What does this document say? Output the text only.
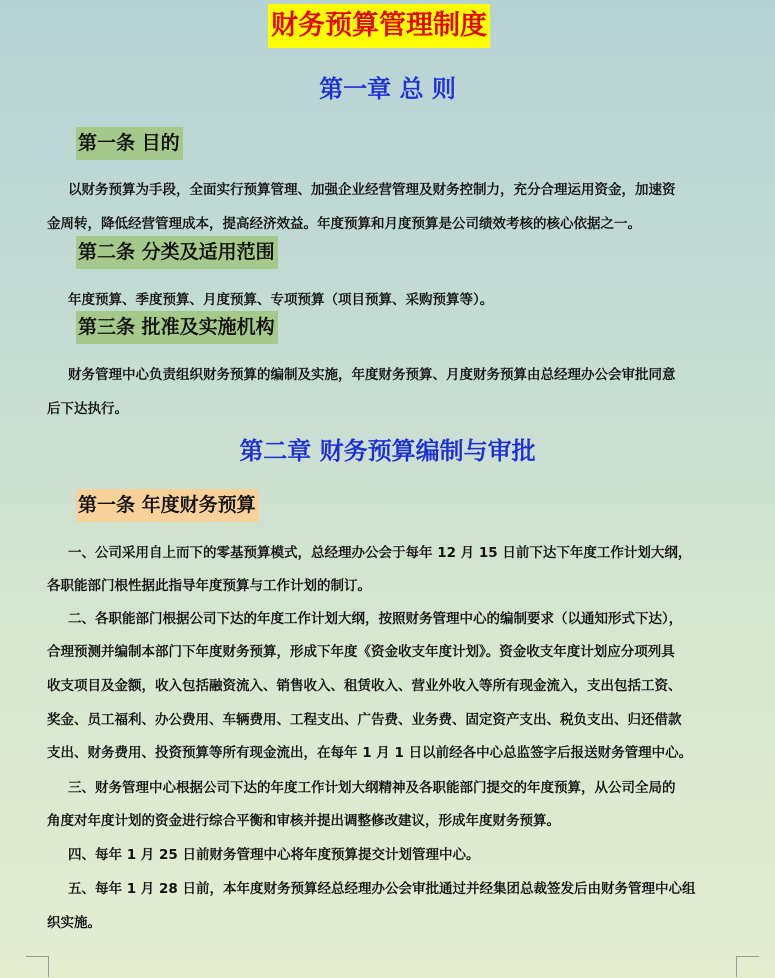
财务预算管理制度
第一章 总 则
第一条 目的
以财务预算为手段，全面实行预算管理、加强企业经营管理及财务控制力，充分合理运用资金，加速资
金周转，降低经营管理成本，提高经济效益。年度预算和月度预算是公司绩效考核的核心依据之一。
第二条 分类及适用范围
年度预算、季度预算、月度预算、专项预算（项目预算、采购预算等）。
第三条 批准及实施机构
财务管理中心负责组织财务预算的编制及实施，年度财务预算、月度财务预算由总经理办公会审批同意
后下达执行。
第二章 财务预算编制与审批
第一条 年度财务预算
一、公司采用自上而下的零基预算模式，总经理办公会于每年 12 月 15 日前下达下年度工作计划大纲，
各职能部门根性据此指导年度预算与工作计划的制订。
二、各职能部门根据公司下达的年度工作计划大纲，按照财务管理中心的编制要求（以通知形式下达），
合理预测并编制本部门下年度财务预算，形成下年度《资金收支年度计划》。资金收支年度计划应分项列具
收支项目及金额，收入包括融资流入、销售收入、租赁收入、营业外收入等所有现金流入，支出包括工资、
奖金、员工福利、办公费用、车辆费用、工程支出、广告费、业务费、固定资产支出、税负支出、归还借款
支出、财务费用、投资预算等所有现金流出，在每年 1 月 1 日以前经各中心总监签字后报送财务管理中心。
三、财务管理中心根据公司下达的年度工作计划大纲精神及各职能部门提交的年度预算，从公司全局的
角度对年度计划的资金进行综合平衡和审核并提出调整修改建议，形成年度财务预算。
四、每年 1 月 25 日前财务管理中心将年度预算提交计划管理中心。
五、每年 1 月 28 日前，本年度财务预算经总经理办公会审批通过并经集团总裁签发后由财务管理中心组
织实施。
